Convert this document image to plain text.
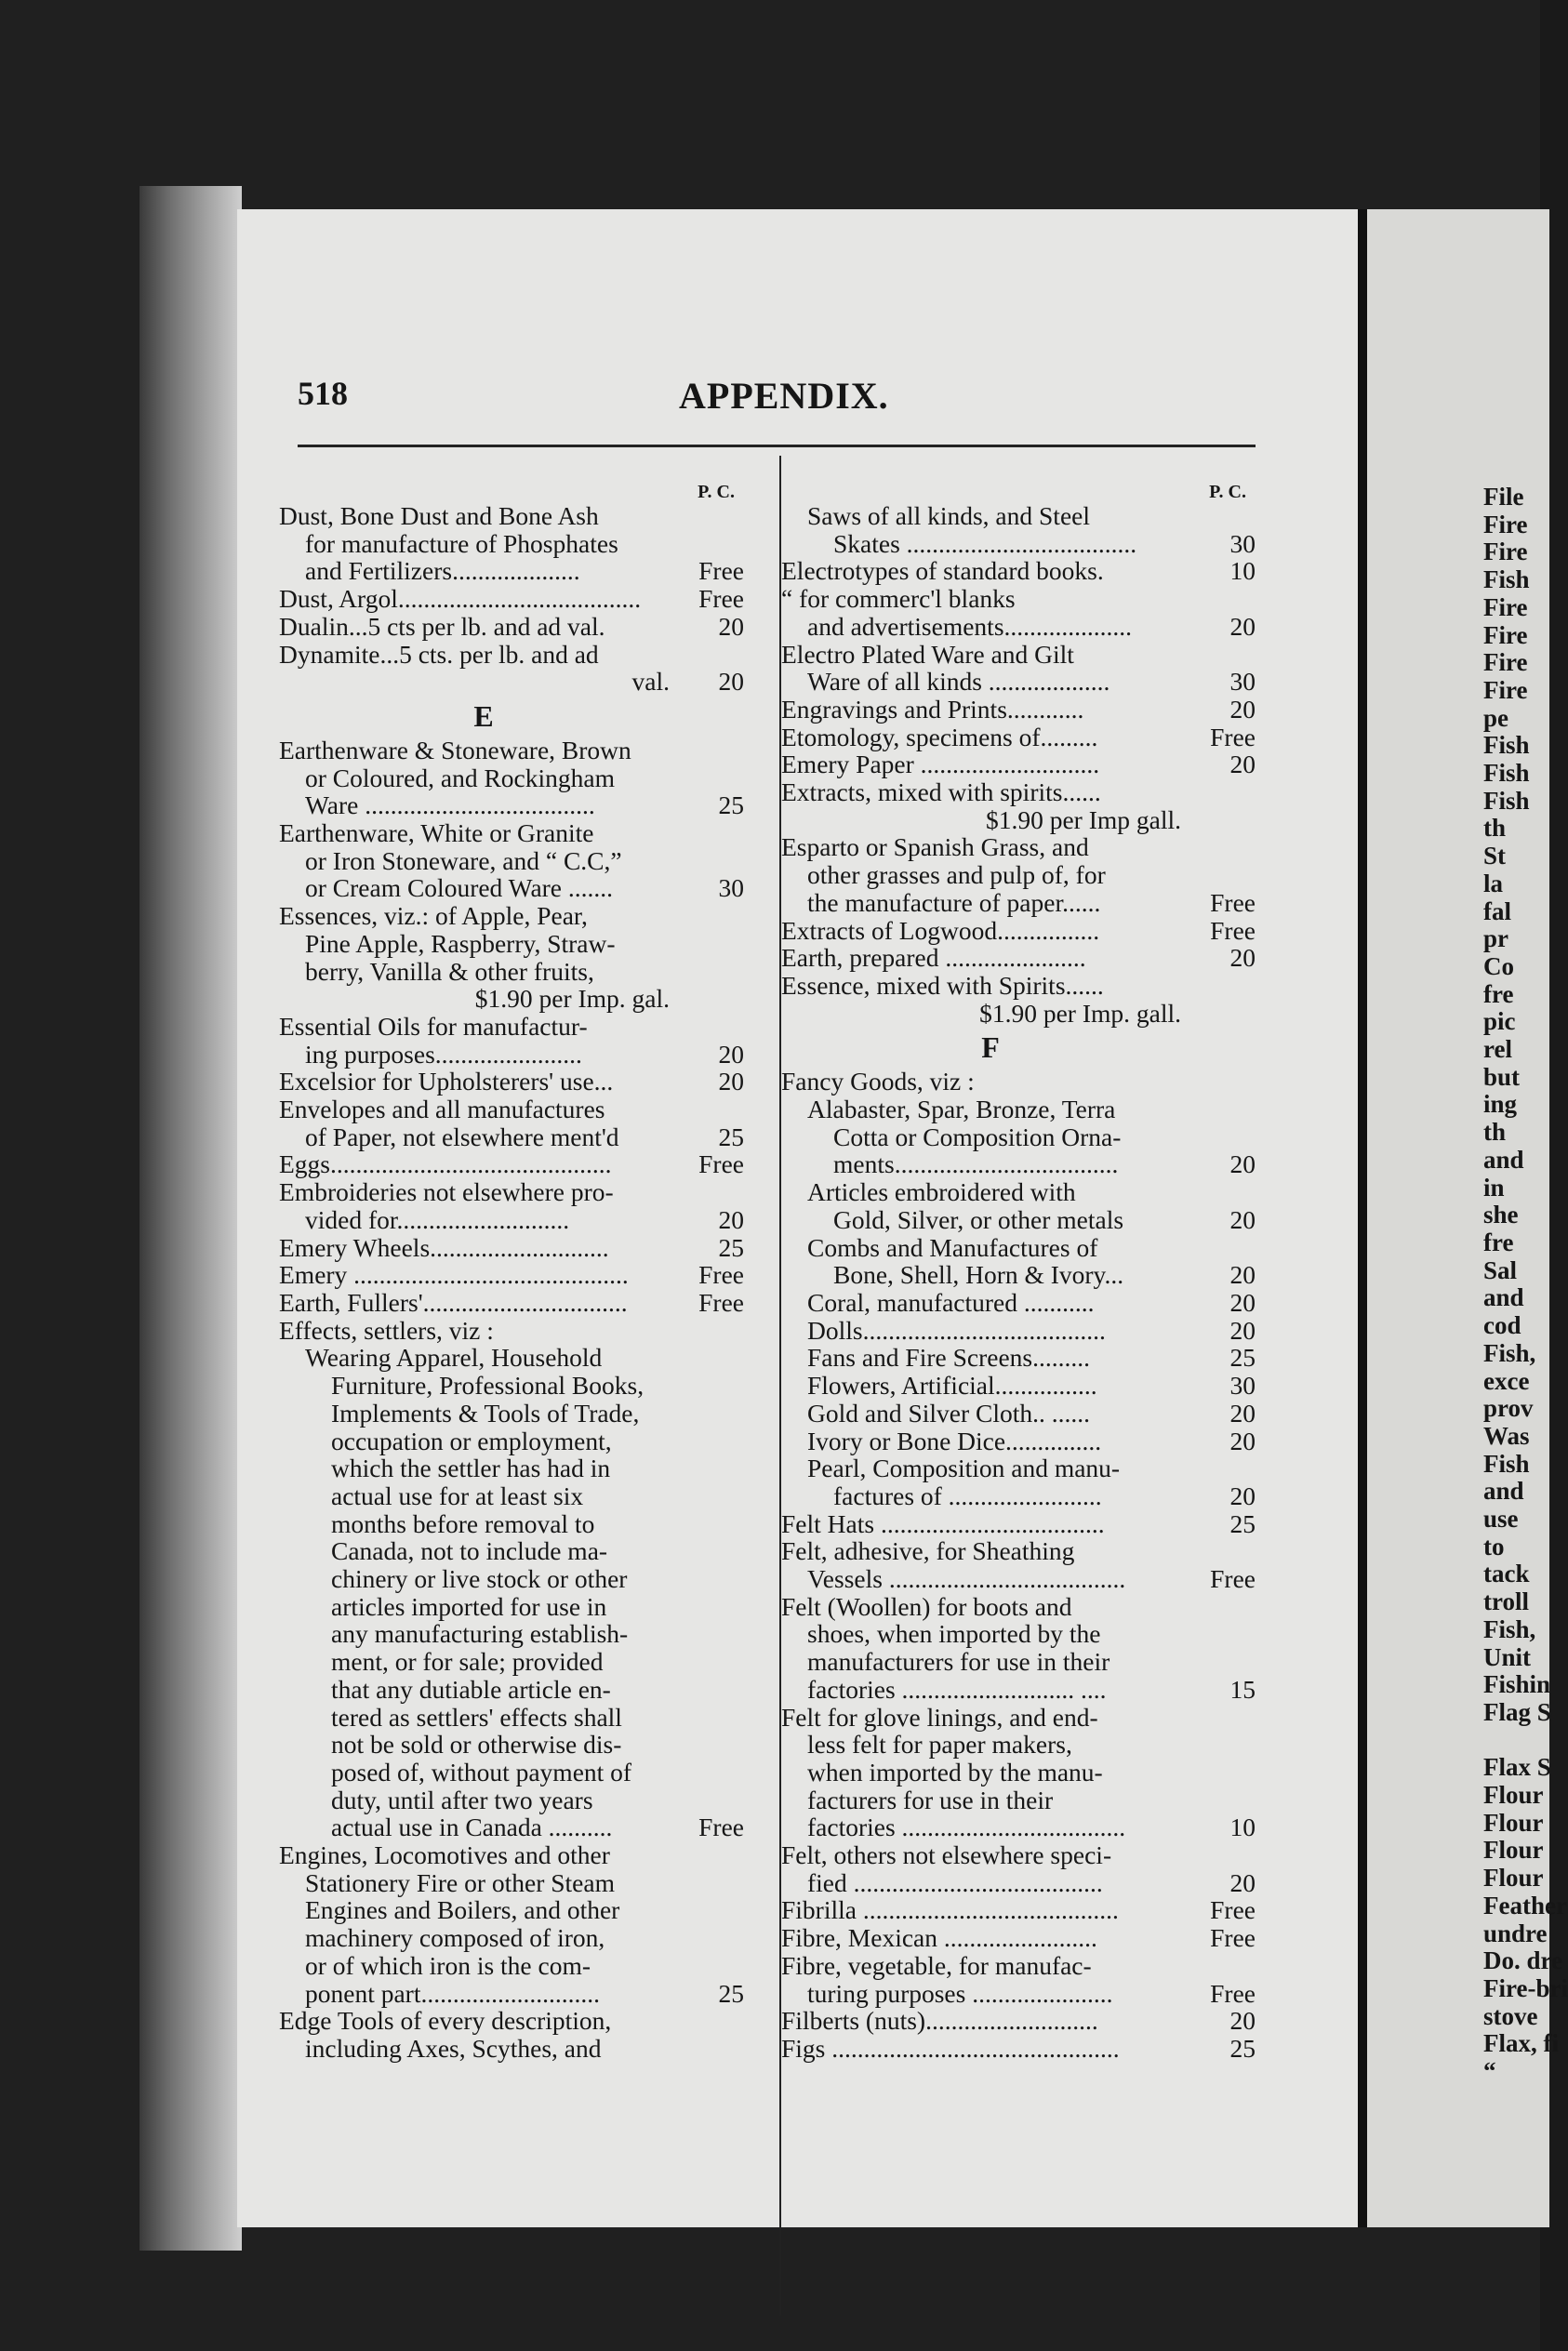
518	APPENDIX.
P. C.
Dust, Bone Dust and Bone Ash
for manufacture of Phosphates
and Fertilizers....................	Free
Dust, Argol......................................	Free
Dualin...5 cts per lb. and ad val.	20
Dynamite...5 cts. per lb. and ad
val.	20
E
Earthenware & Stoneware, Brown
or Coloured, and Rockingham
Ware ....................................	25
Earthenware, White or Granite
or Iron Stoneware, and “ C.C,”
or Cream Coloured Ware .......	30
Essences, viz.: of Apple, Pear,
Pine Apple, Raspberry, Straw-
berry, Vanilla & other fruits,
$1.90 per Imp. gal.
Essential Oils for manufactur-
ing purposes.......................	20
Excelsior for Upholsterers' use...	20
Envelopes and all manufactures
of Paper, not elsewhere ment'd	25
Eggs............................................	Free
Embroideries not elsewhere pro-
vided for...........................	20
Emery Wheels............................	25
Emery ...........................................	Free
Earth, Fullers'................................	Free
Effects, settlers, viz :
Wearing Apparel, Household
Furniture, Professional Books,
Implements & Tools of Trade,
occupation or employment,
which the settler has had in
actual use for at least six
months before removal to
Canada, not to include ma-
chinery or live stock or other
articles imported for use in
any manufacturing establish-
ment, or for sale; provided
that any dutiable article en-
tered as settlers' effects shall
not be sold or otherwise dis-
posed of, without payment of
duty, until after two years
actual use in Canada ..........	Free
Engines, Locomotives and other
Stationery Fire or other Steam
Engines and Boilers, and other
machinery composed of iron,
or of which iron is the com-
ponent part............................	25
Edge Tools of every description,
including Axes, Scythes, and
P. C.
Saws of all kinds, and Steel
Skates ....................................	30
Electrotypes of standard books.	10
“ for commerc'l blanks
and advertisements....................	20
Electro Plated Ware and Gilt
Ware of all kinds ...................	30
Engravings and Prints............	20
Etomology, specimens of.........	Free
Emery Paper ............................	20
Extracts, mixed with spirits......
$1.90 per Imp gall.
Esparto or Spanish Grass, and
other grasses and pulp of, for
the manufacture of paper......	Free
Extracts of Logwood................	Free
Earth, prepared ......................	20
Essence, mixed with Spirits......
$1.90 per Imp. gall.
F
Fancy Goods, viz :
Alabaster, Spar, Bronze, Terra
Cotta or Composition Orna-
ments...................................	20
Articles embroidered with
Gold, Silver, or other metals	20
Combs and Manufactures of
Bone, Shell, Horn & Ivory...	20
Coral, manufactured ...........	20
Dolls......................................	20
Fans and Fire Screens.........	25
Flowers, Artificial................	30
Gold and Silver Cloth.. ......	20
Ivory or Bone Dice...............	20
Pearl, Composition and manu-
factures of ........................	20
Felt Hats ...................................	25
Felt, adhesive, for Sheathing
Vessels .....................................	Free
Felt (Woollen) for boots and
shoes, when imported by the
manufacturers for use in their
factories ........................... ....	15
Felt for glove linings, and end-
less felt for paper makers,
when imported by the manu-
facturers for use in their
factories ...................................	10
Felt, others not elsewhere speci-
fied .......................................	20
Fibrilla ........................................	Free
Fibre, Mexican ........................	Free
Fibre, vegetable, for manufac-
turing purposes ......................	Free
Filberts (nuts)...........................	20
Figs .............................................	25
File
Fire
Fire
Fish
Fire
Fire
Fire
Fire
pe
Fish
Fish
Fish
th
St
la
fal
pr
Co
fre
pic
rel
but
ing
th
and
in
she
fre
Sal
and
cod
Fish,
exce
prov
Was
Fish
and
use
to
tack
troll
Fish,
Unit
Fishin
Flag S

Flax S
Flour
Flour
Flour
Flour
Feather
undre
Do. dre
Fire-bri
stove
Flax, fi
“
